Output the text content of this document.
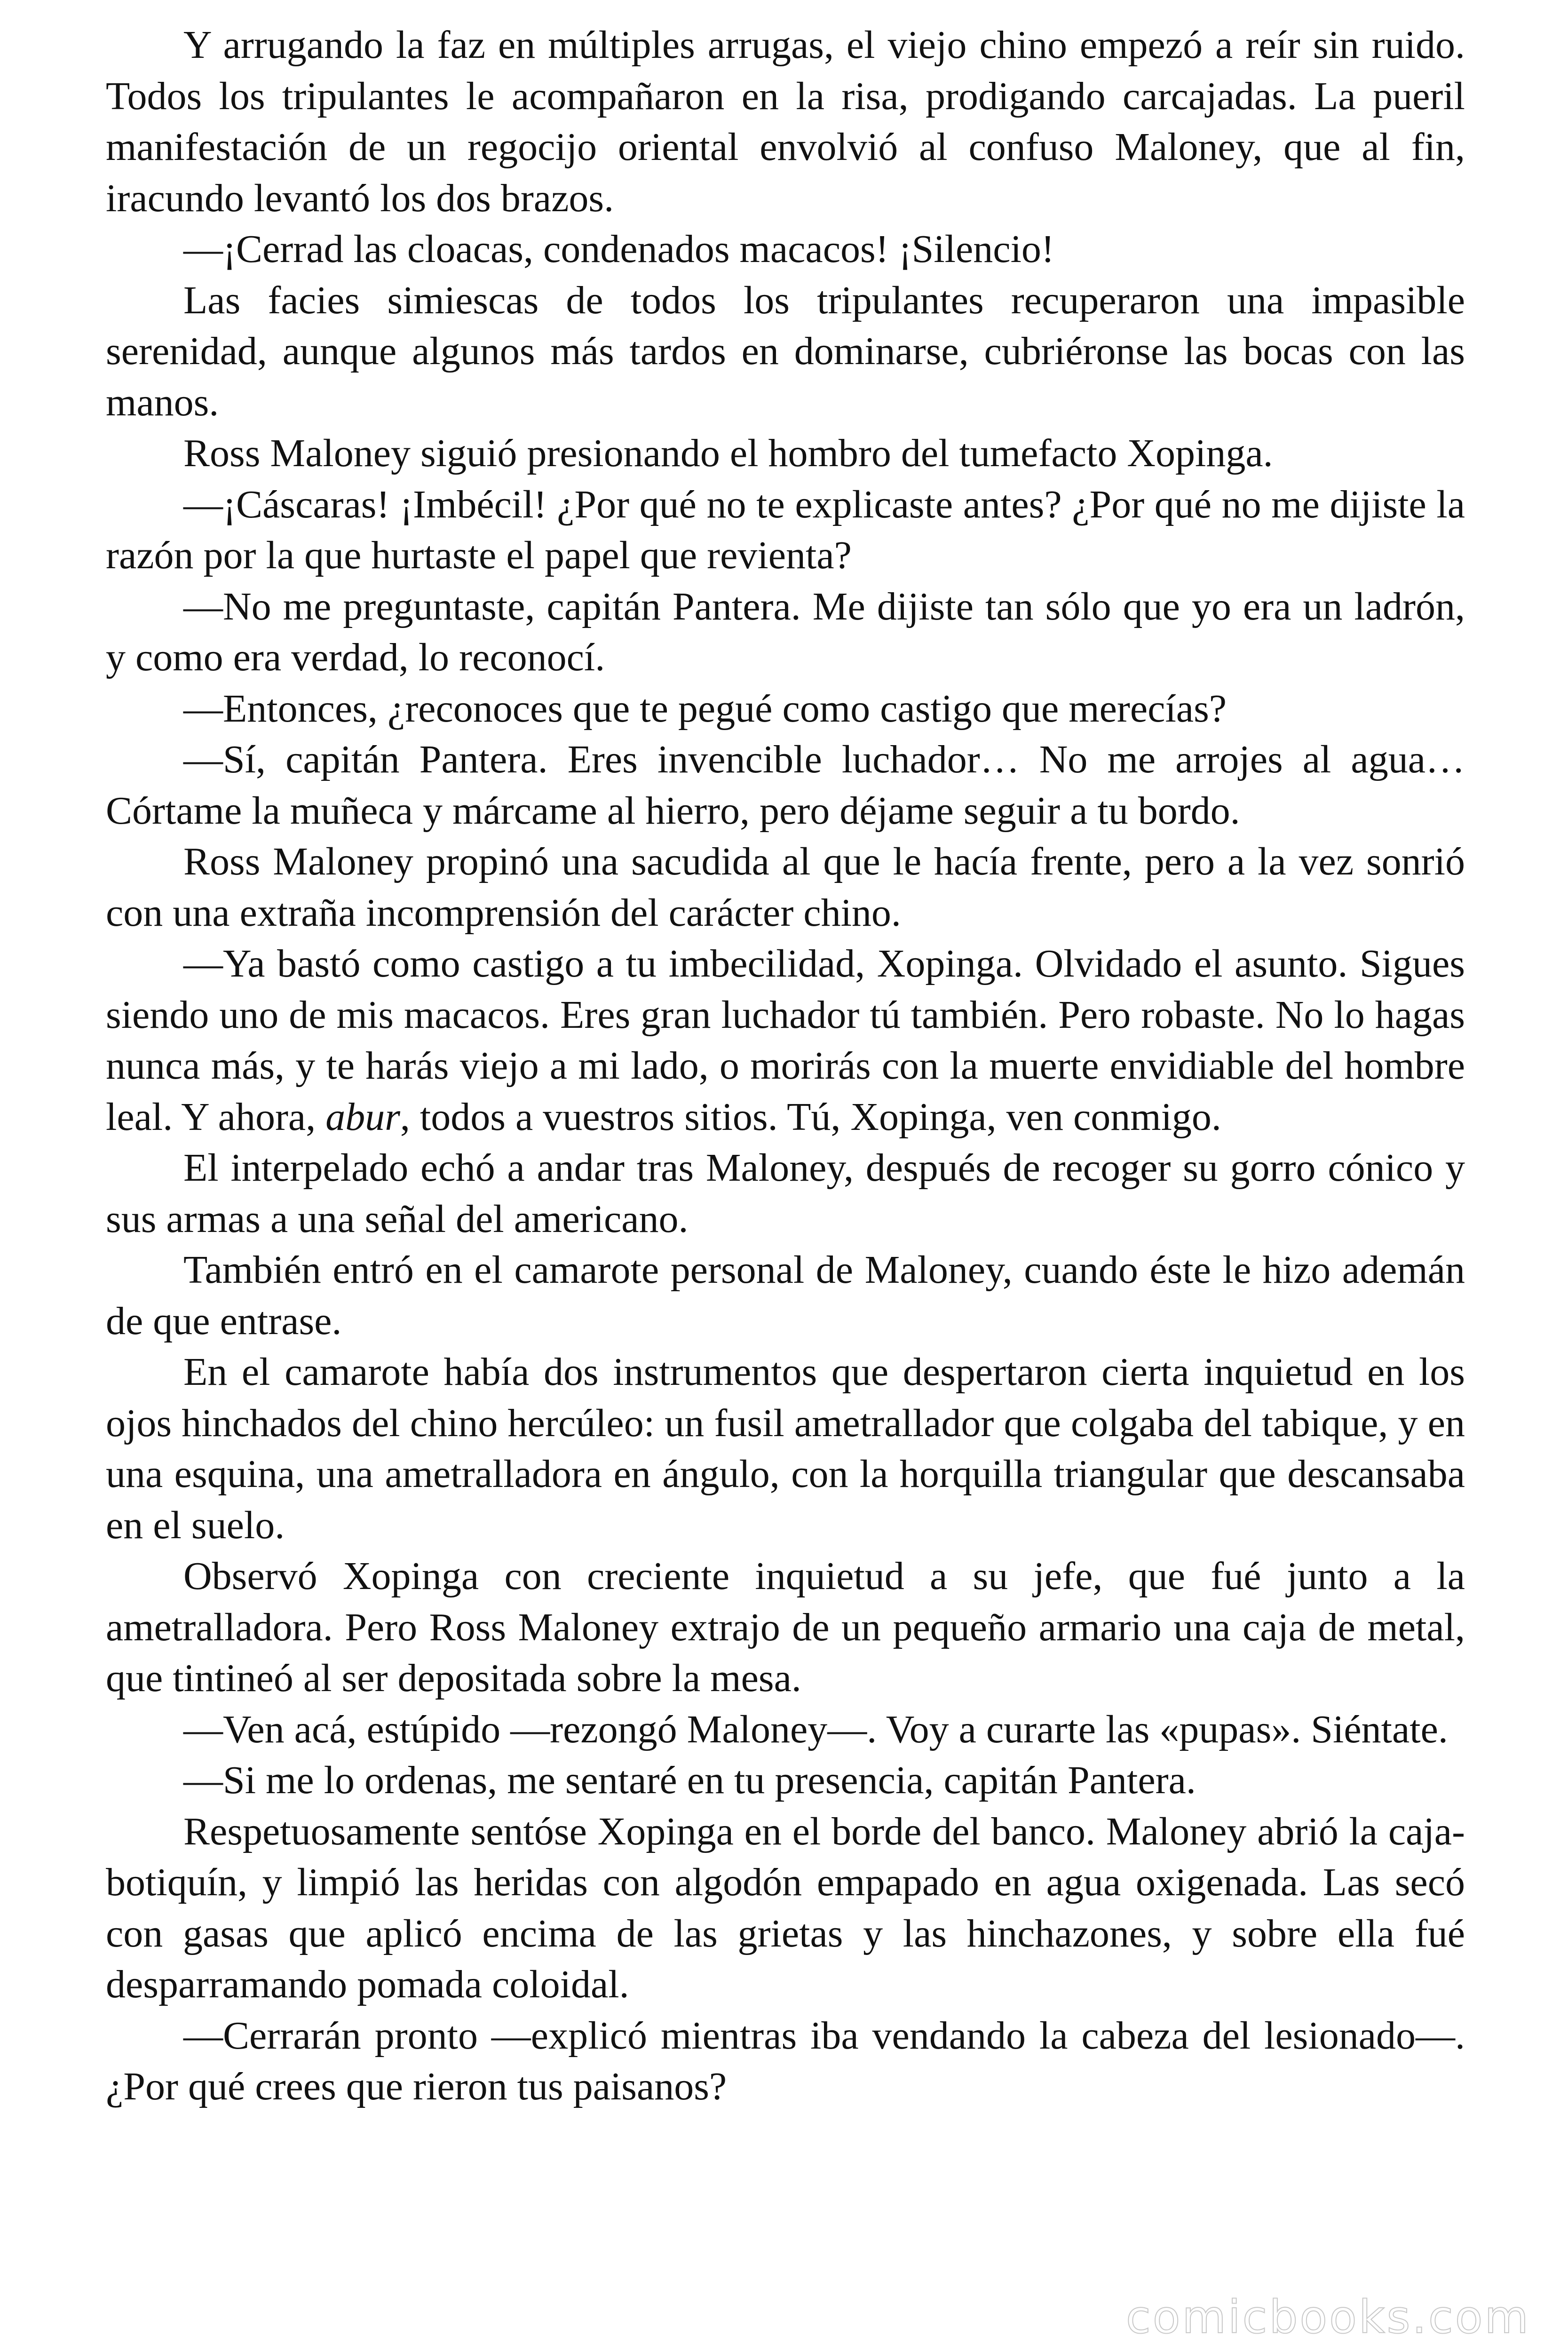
Y arrugando la faz en múltiples arrugas, el viejo chino empezó a reír sin ruido. Todos los tripulantes le acompañaron en la risa, prodigando carcajadas. La pueril manifestación de un regocijo oriental envolvió al confuso Maloney, que al fin, iracundo levantó los dos brazos.

—¡Cerrad las cloacas, condenados macacos! ¡Silencio!

Las facies simiescas de todos los tripulantes recuperaron una impasible serenidad, aunque algunos más tardos en dominarse, cubriéronse las bocas con las manos.

Ross Maloney siguió presionando el hombro del tumefacto Xopinga.

—¡Cáscaras! ¡Imbécil! ¿Por qué no te explicaste antes? ¿Por qué no me dijiste la razón por la que hurtaste el papel que revienta?

—No me preguntaste, capitán Pantera. Me dijiste tan sólo que yo era un ladrón, y como era verdad, lo reconocí.

—Entonces, ¿reconoces que te pegué como castigo que merecías?

—Sí, capitán Pantera. Eres invencible luchador… No me arrojes al agua… Córtame la muñeca y márcame al hierro, pero déjame seguir a tu bordo.

Ross Maloney propinó una sacudida al que le hacía frente, pero a la vez sonrió con una extraña incomprensión del carácter chino.

—Ya bastó como castigo a tu imbecilidad, Xopinga. Olvidado el asunto. Sigues siendo uno de mis macacos. Eres gran luchador tú también. Pero robaste. No lo hagas nunca más, y te harás viejo a mi lado, o morirás con la muerte envidiable del hombre leal. Y ahora, abur, todos a vuestros sitios. Tú, Xopinga, ven conmigo.

El interpelado echó a andar tras Maloney, después de recoger su gorro cónico y sus armas a una señal del americano.

También entró en el camarote personal de Maloney, cuando éste le hizo ademán de que entrase.

En el camarote había dos instrumentos que despertaron cierta inquietud en los ojos hinchados del chino hercúleo: un fusil ametrallador que colgaba del tabique, y en una esquina, una ametralladora en ángulo, con la horquilla triangular que descansaba en el suelo.

Observó Xopinga con creciente inquietud a su jefe, que fué junto a la ametralladora. Pero Ross Maloney extrajo de un pequeño armario una caja de metal, que tintineó al ser depositada sobre la mesa.

—Ven acá, estúpido —rezongó Maloney—. Voy a curarte las «pupas». Siéntate.

—Si me lo ordenas, me sentaré en tu presencia, capitán Pantera.

Respetuosamente sentóse Xopinga en el borde del banco. Maloney abrió la caja-botiquín, y limpió las heridas con algodón empapado en agua oxigenada. Las secó con gasas que aplicó encima de las grietas y las hinchazones, y sobre ella fué desparramando pomada coloidal.

—Cerrarán pronto —explicó mientras iba vendando la cabeza del lesionado—. ¿Por qué crees que rieron tus paisanos?

comicbooks.com
